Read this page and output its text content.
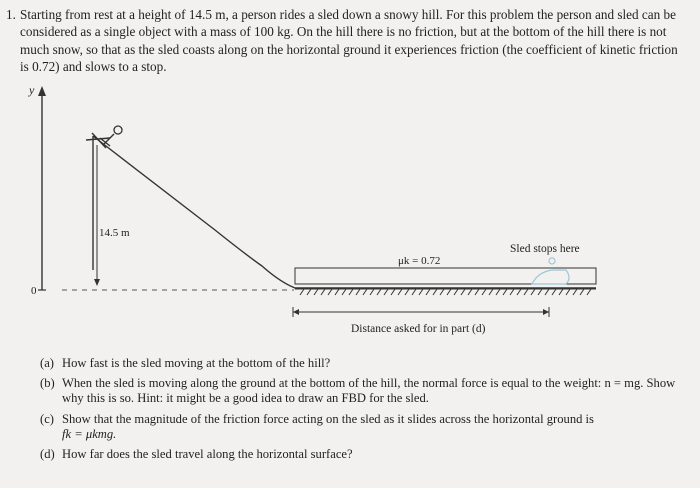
1. Starting from rest at a height of 14.5 m, a person rides a sled down a snowy hill. For this problem the person and sled can be considered as a single object with a mass of 100 kg. On the hill there is no friction, but at the bottom of the hill there is not much snow, so that as the sled coasts along on the horizontal ground it experiences friction (the coefficient of kinetic friction is 0.72) and slows to a stop.
y
0
14.5 m
μk = 0.72
Sled stops here
Distance asked for in part (d)
(a) How fast is the sled moving at the bottom of the hill?
(b) When the sled is moving along the ground at the bottom of the hill, the normal force is equal to the weight: n = mg. Show why this is so. Hint: it might be a good idea to draw an FBD for the sled.
(c) Show that the magnitude of the friction force acting on the sled as it slides across the horizontal ground is
fk = μkmg.
(d) How far does the sled travel along the horizontal surface?
